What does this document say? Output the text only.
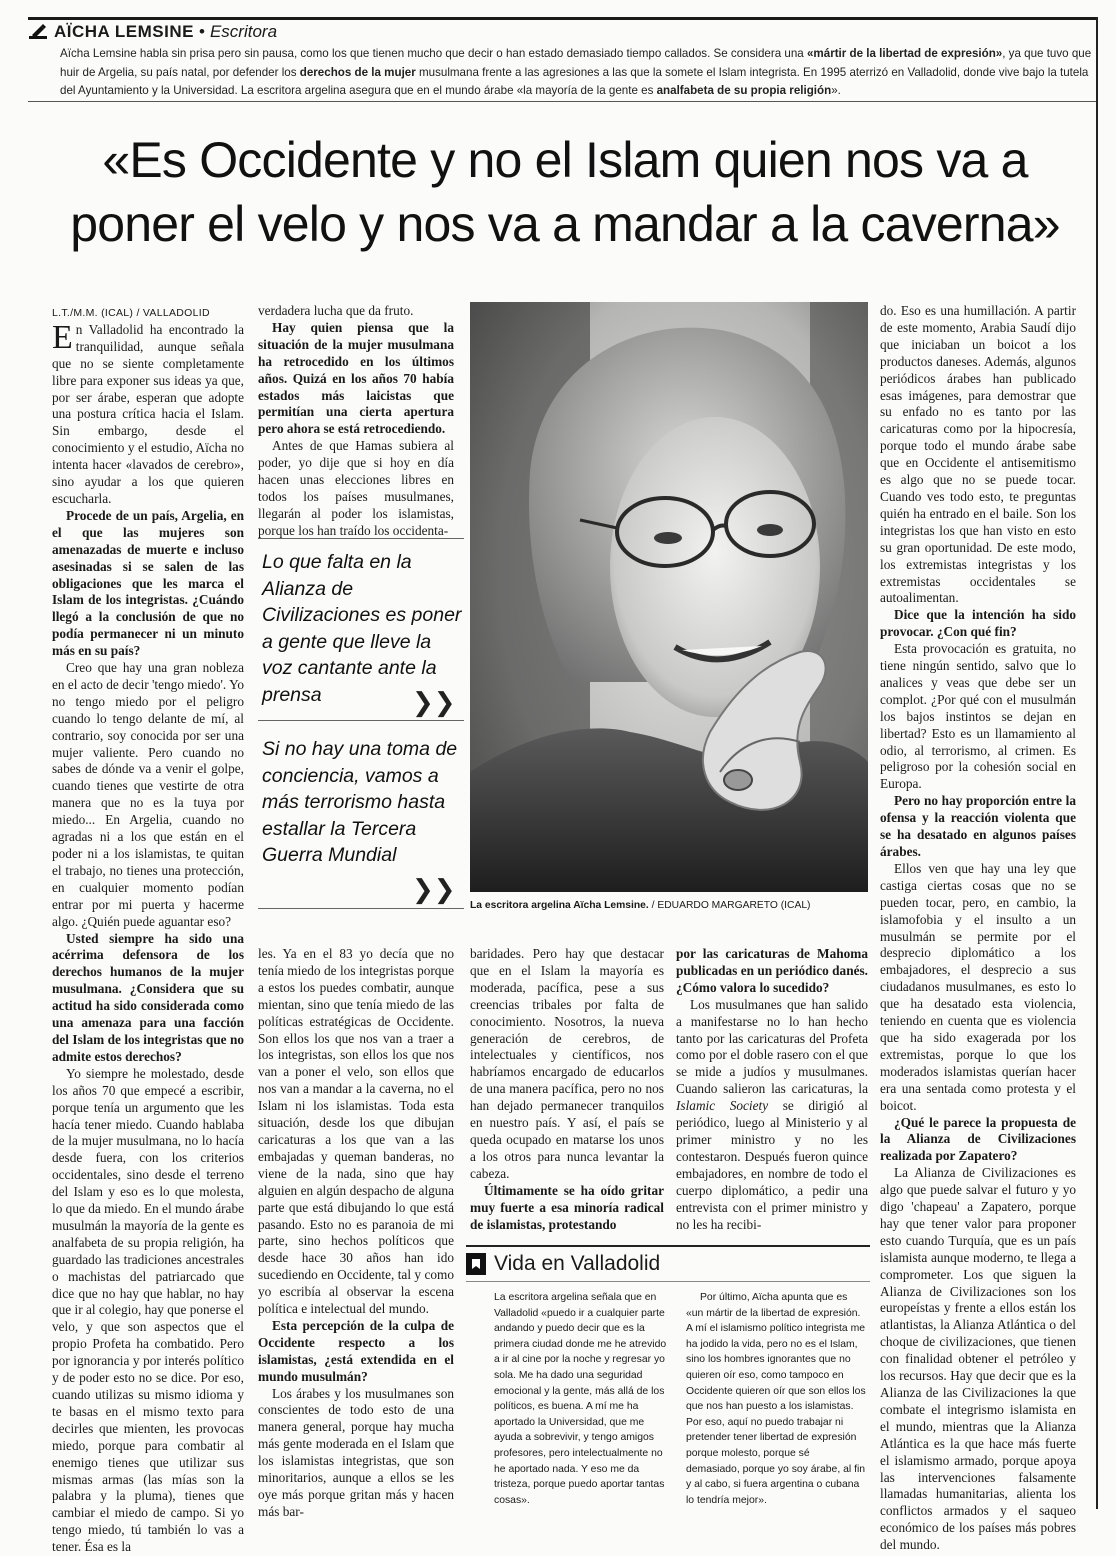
AÏCHA LEMSINE • Escritora
Aïcha Lemsine habla sin prisa pero sin pausa, como los que tienen mucho que decir o han estado demasiado tiempo callados. Se considera una «mártir de la libertad de expresión», ya que tuvo que huir de Argelia, su país natal, por defender los derechos de la mujer musulmana frente a las agresiones a las que la somete el Islam integrista. En 1995 aterrizó en Valladolid, donde vive bajo la tutela del Ayuntamiento y la Universidad. La escritora argelina asegura que en el mundo árabe «la mayoría de la gente es analfabeta de su propia religión».
«Es Occidente y no el Islam quien nos va a poner el velo y nos va a mandar a la caverna»

L.T./M.M. (ICAL) / VALLADOLID

En Valladolid ha encontrado la tranquilidad, aunque señala que no se siente completamente libre para exponer sus ideas ya que, por ser árabe, esperan que adopte una postura crítica hacia el Islam. Sin embargo, desde el conocimiento y el estudio, Aïcha no intenta hacer «lavados de cerebro», sino ayudar a los que quieren escucharla.

Procede de un país, Argelia, en el que las mujeres son amenazadas de muerte e incluso asesinadas si se salen de las obligaciones que les marca el Islam de los integristas. ¿Cuándo llegó a la conclusión de que no podía permanecer ni un minuto más en su país?

Creo que hay una gran nobleza en el acto de decir 'tengo miedo'. Yo no tengo miedo por el peligro cuando lo tengo delante de mí, al contrario, soy conocida por ser una mujer valiente. Pero cuando no sabes de dónde va a venir el golpe, cuando tienes que vestirte de otra manera que no es la tuya por miedo... En Argelia, cuando no agradas ni a los que están en el poder ni a los islamistas, te quitan el trabajo, no tienes una protección, en cualquier momento podían entrar por mi puerta y hacerme algo. ¿Quién puede aguantar eso?

Usted siempre ha sido una acérrima defensora de los derechos humanos de la mujer musulmana. ¿Considera que su actitud ha sido considerada como una amenaza para una facción del Islam de los integristas que no admite estos derechos?

Yo siempre he molestado, desde los años 70 que empecé a escribir, porque tenía un argumento que les hacía tener miedo. Cuando hablaba de la mujer musulmana, no lo hacía desde fuera, con los criterios occidentales, sino desde el terreno del Islam y eso es lo que molesta, lo que da miedo. En el mundo árabe musulmán la mayoría de la gente es analfabeta de su propia religión, ha guardado las tradiciones ancestrales o machistas del patriarcado que dice que no hay que hablar, no hay que ir al colegio, hay que ponerse el velo, y que son aspectos que el propio Profeta ha combatido. Pero por ignorancia y por interés político y de poder esto no se dice. Por eso, cuando utilizas su mismo idioma y te basas en el mismo texto para decirles que mienten, les provocas miedo, porque para combatir al enemigo tienes que utilizar sus mismas armas (las mías son la palabra y la pluma), tienes que cambiar el miedo de campo. Si yo tengo miedo, tú también lo vas a tener. Ésa es la

verdadera lucha que da fruto.

Hay quien piensa que la situación de la mujer musulmana ha retrocedido en los últimos años. Quizá en los años 70 había estados más laicistas que permitían una cierta apertura pero ahora se está retrocediendo.

Antes de que Hamas subiera al poder, yo dije que si hoy en día hacen unas elecciones libres en todos los países musulmanes, llegarán al poder los islamistas, porque los han traído los occidenta-

Lo que falta en la Alianza de Civilizaciones es poner a gente que lleve la voz cantante ante la prensa	❯❯
Si no hay una toma de conciencia, vamos a más terrorismo hasta estallar la Tercera Guerra Mundial
❯❯
La escritora argelina Aïcha Lemsine. / EDUARDO MARGARETO (ICAL)

les. Ya en el 83 yo decía que no tenía miedo de los integristas porque a estos los puedes combatir, aunque mientan, sino que tenía miedo de las políticas estratégicas de Occidente. Son ellos los que nos van a traer a los integristas, son ellos los que nos van a poner el velo, son ellos que nos van a mandar a la caverna, no el Islam ni los islamistas. Toda esta situación, desde los que dibujan caricaturas a los que van a las embajadas y queman banderas, no viene de la nada, sino que hay alguien en algún despacho de alguna parte que está dibujando lo que está pasando. Esto no es paranoia de mi parte, sino hechos políticos que desde hace 30 años han ido sucediendo en Occidente, tal y como yo escribía al observar la escena política e intelectual del mundo.

Esta percepción de la culpa de Occidente respecto a los islamistas, ¿está extendida en el mundo musulmán?

Los árabes y los musulmanes son conscientes de todo esto de una manera general, porque hay mucha más gente moderada en el Islam que los islamistas integristas, que son minoritarios, aunque a ellos se les oye más porque gritan más y hacen más bar-

baridades. Pero hay que destacar que en el Islam la mayoría es moderada, pacífica, pese a sus creencias tribales por falta de conocimiento. Nosotros, la nueva generación de cerebros, de intelectuales y científicos, nos habríamos encargado de educarlos de una manera pacífica, pero no nos han dejado permanecer tranquilos en nuestro país. Y así, el país se queda ocupado en matarse los unos a los otros para nunca levantar la cabeza.

Últimamente se ha oído gritar muy fuerte a esa minoría radical de islamistas, protestando

por las caricaturas de Mahoma publicadas en un periódico danés. ¿Cómo valora lo sucedido?

Los musulmanes que han salido a manifestarse no lo han hecho tanto por las caricaturas del Profeta como por el doble rasero con el que se mide a judíos y musulmanes. Cuando salieron las caricaturas, la Islamic Society se dirigió al periódico, luego al Ministerio y al primer ministro y no les contestaron. Después fueron quince embajadores, en nombre de todo el cuerpo diplomático, a pedir una entrevista con el primer ministro y no les ha recibi-

do. Eso es una humillación. A partir de este momento, Arabia Saudí dijo que iniciaban un boicot a los productos daneses. Además, algunos periódicos árabes han publicado esas imágenes, para demostrar que su enfado no es tanto por las caricaturas como por la hipocresía, porque todo el mundo árabe sabe que en Occidente el antisemitismo es algo que no se puede tocar. Cuando ves todo esto, te preguntas quién ha entrado en el baile. Son los integristas los que han visto en esto su gran oportunidad. De este modo, los extremistas integristas y los extremistas occidentales se autoalimentan.

Dice que la intención ha sido provocar. ¿Con qué fin?

Esta provocación es gratuita, no tiene ningún sentido, salvo que lo analices y veas que debe ser un complot. ¿Por qué con el musulmán los bajos instintos se dejan en libertad? Esto es un llamamiento al odio, al terrorismo, al crimen. Es peligroso por la cohesión social en Europa.

Pero no hay proporción entre la ofensa y la reacción violenta que se ha desatado en algunos países árabes.

Ellos ven que hay una ley que castiga ciertas cosas que no se pueden tocar, pero, en cambio, la islamofobia y el insulto a un musulmán se permite por el desprecio diplomático a los embajadores, el desprecio a sus ciudadanos musulmanes, es esto lo que ha desatado esta violencia, teniendo en cuenta que es violencia que ha sido exagerada por los extremistas, porque lo que los moderados islamistas querían hacer era una sentada como protesta y el boicot.

¿Qué le parece la propuesta de la Alianza de Civilizaciones realizada por Zapatero?

La Alianza de Civilizaciones es algo que puede salvar el futuro y yo digo 'chapeau' a Zapatero, porque hay que tener valor para proponer esto cuando Turquía, que es un país islamista aunque moderno, te llega a comprometer. Los que siguen la Alianza de Civilizaciones son los europeístas y frente a ellos están los atlantistas, la Alianza Atlántica o del choque de civilizaciones, que tienen con finalidad obtener el petróleo y los recursos. Hay que decir que es la Alianza de las Civilizaciones la que combate el integrismo islamista en el mundo, mientras que la Alianza Atlántica es la que hace más fuerte el islamismo armado, porque apoya las intervenciones falsamente llamadas humanitarias, alienta los conflictos armados y el saqueo económico de los países más pobres del mundo.

Vida en Valladolid
La escritora argelina señala que en Valladolid «puedo ir a cualquier parte andando y puedo decir que es la primera ciudad donde me he atrevido a ir al cine por la noche y regresar yo sola. Me ha dado una seguridad emocional y la gente, más allá de los políticos, es buena. A mí me ha aportado la Universidad, que me ayuda a sobrevivir, y tengo amigos profesores, pero intelectualmente no he aportado nada. Y eso me da tristeza, porque puedo aportar tantas cosas».
Por último, Aïcha apunta que es «un mártir de la libertad de expresión. A mí el islamismo político integrista me ha jodido la vida, pero no es el Islam, sino los hombres ignorantes que no quieren oír eso, como tampoco en Occidente quieren oír que son ellos los que nos han puesto a los islamistas. Por eso, aquí no puedo trabajar ni pretender tener libertad de expresión porque molesto, porque sé demasiado, porque yo soy árabe, al fin y al cabo, si fuera argentina o cubana lo tendría mejor».
